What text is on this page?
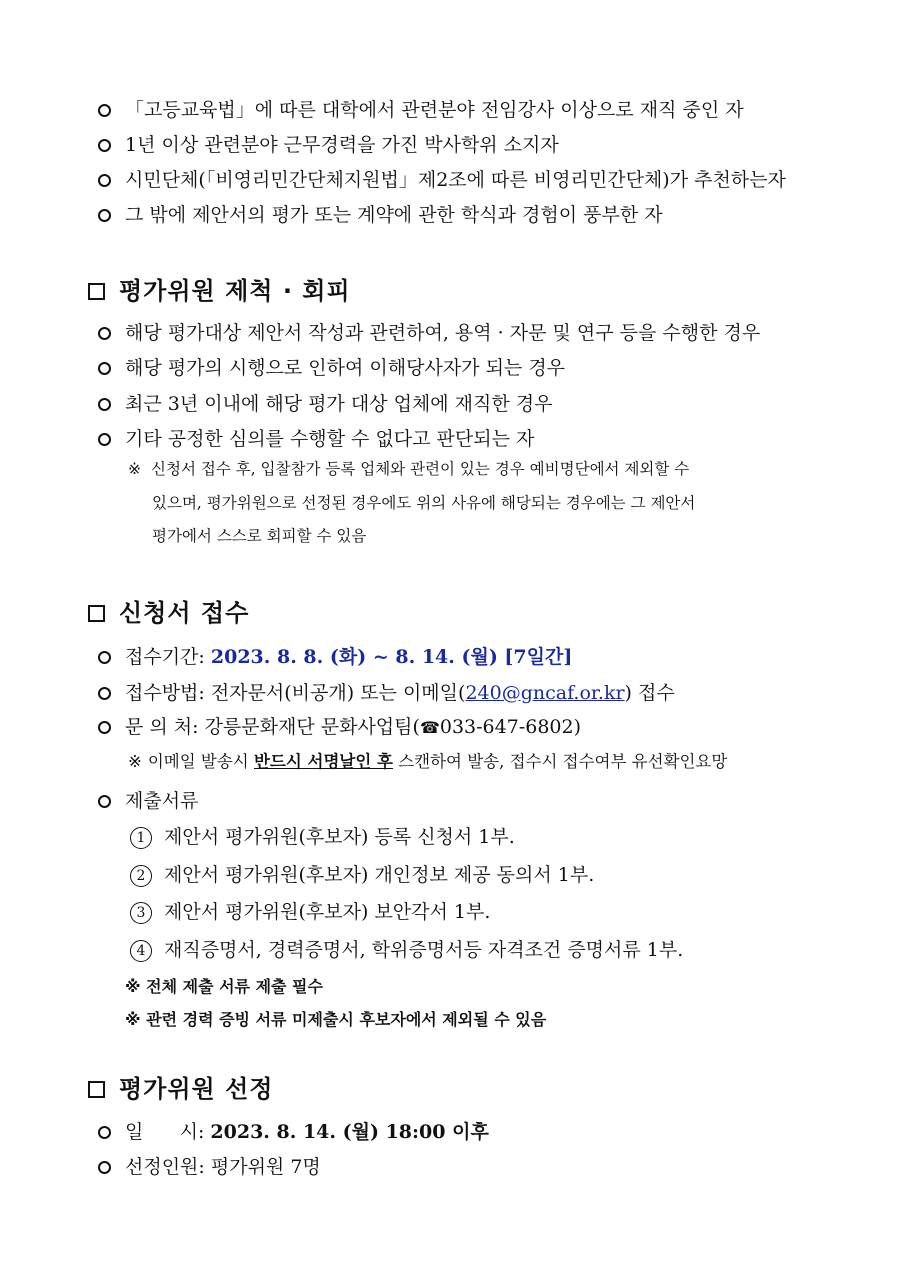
「고등교육법」에 따른 대학에서 관련분야 전임강사 이상으로 재직 중인 자
1년 이상 관련분야 근무경력을 가진 박사학위 소지자
시민단체(「비영리민간단체지원법」제2조에 따른 비영리민간단체)가 추천하는자
그 밖에 제안서의 평가 또는 계약에 관한 학식과 경험이 풍부한 자
평가위원 제척 · 회피
해당 평가대상 제안서 작성과 관련하여, 용역 · 자문 및 연구 등을 수행한 경우
해당 평가의 시행으로 인하여 이해당사자가 되는 경우
최근 3년 이내에 해당 평가 대상 업체에 재직한 경우
기타 공정한 심의를 수행할 수 없다고 판단되는 자
※ 신청서 접수 후, 입찰참가 등록 업체와 관련이 있는 경우 예비명단에서 제외할 수
있으며, 평가위원으로 선정된 경우에도 위의 사유에 해당되는 경우에는 그 제안서
평가에서 스스로 회피할 수 있음
신청서 접수
접수기간: 2023. 8. 8. (화) ~ 8. 14. (월) [7일간]
접수방법: 전자문서(비공개) 또는 이메일(240@gncaf.or.kr) 접수
문 의 처: 강릉문화재단 문화사업팀(☎033-647-6802)
※ 이메일 발송시 반드시 서명날인 후 스캔하여 발송, 접수시 접수여부 유선확인요망
제출서류
1 제안서 평가위원(후보자) 등록 신청서 1부.
2 제안서 평가위원(후보자) 개인정보 제공 동의서 1부.
3 제안서 평가위원(후보자) 보안각서 1부.
4 재직증명서, 경력증명서, 학위증명서등 자격조건 증명서류 1부.
※ 전체 제출 서류 제출 필수
※ 관련 경력 증빙 서류 미제출시 후보자에서 제외될 수 있음
평가위원 선정
일      시: 2023. 8. 14. (월) 18:00 이후
선정인원: 평가위원 7명
